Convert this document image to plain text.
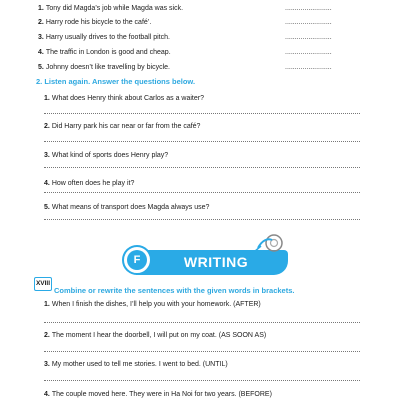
1. Tony did Magda’s job while Magda was sick.	........................
2. Harry rode his bicycle to the café’.	........................
3. Harry usually drives to the football pitch.	........................
4. The traffic in London is good and cheap.	........................
5. Johnny doesn’t like travelling by bicycle.	........................
2. Listen again. Answer the questions below.
1. What does Henry think about Carlos as a waiter?
2. Did Harry park his car near or far from the café?
3. What kind of sports does Henry play?
4. How often does he play it?
5. What means of transport does Magda always use?
WRITING
F
XVIII
Combine or rewrite the sentences with the given words in brackets.
1. When I finish the dishes, I’ll help you with your homework. (AFTER)
2. The moment I hear the doorbell, I will put on my coat. (AS SOON AS)
3. My mother used to tell me stories. I went to bed. (UNTIL)
4. The couple moved here. They were in Ha Noi for two years. (BEFORE)
